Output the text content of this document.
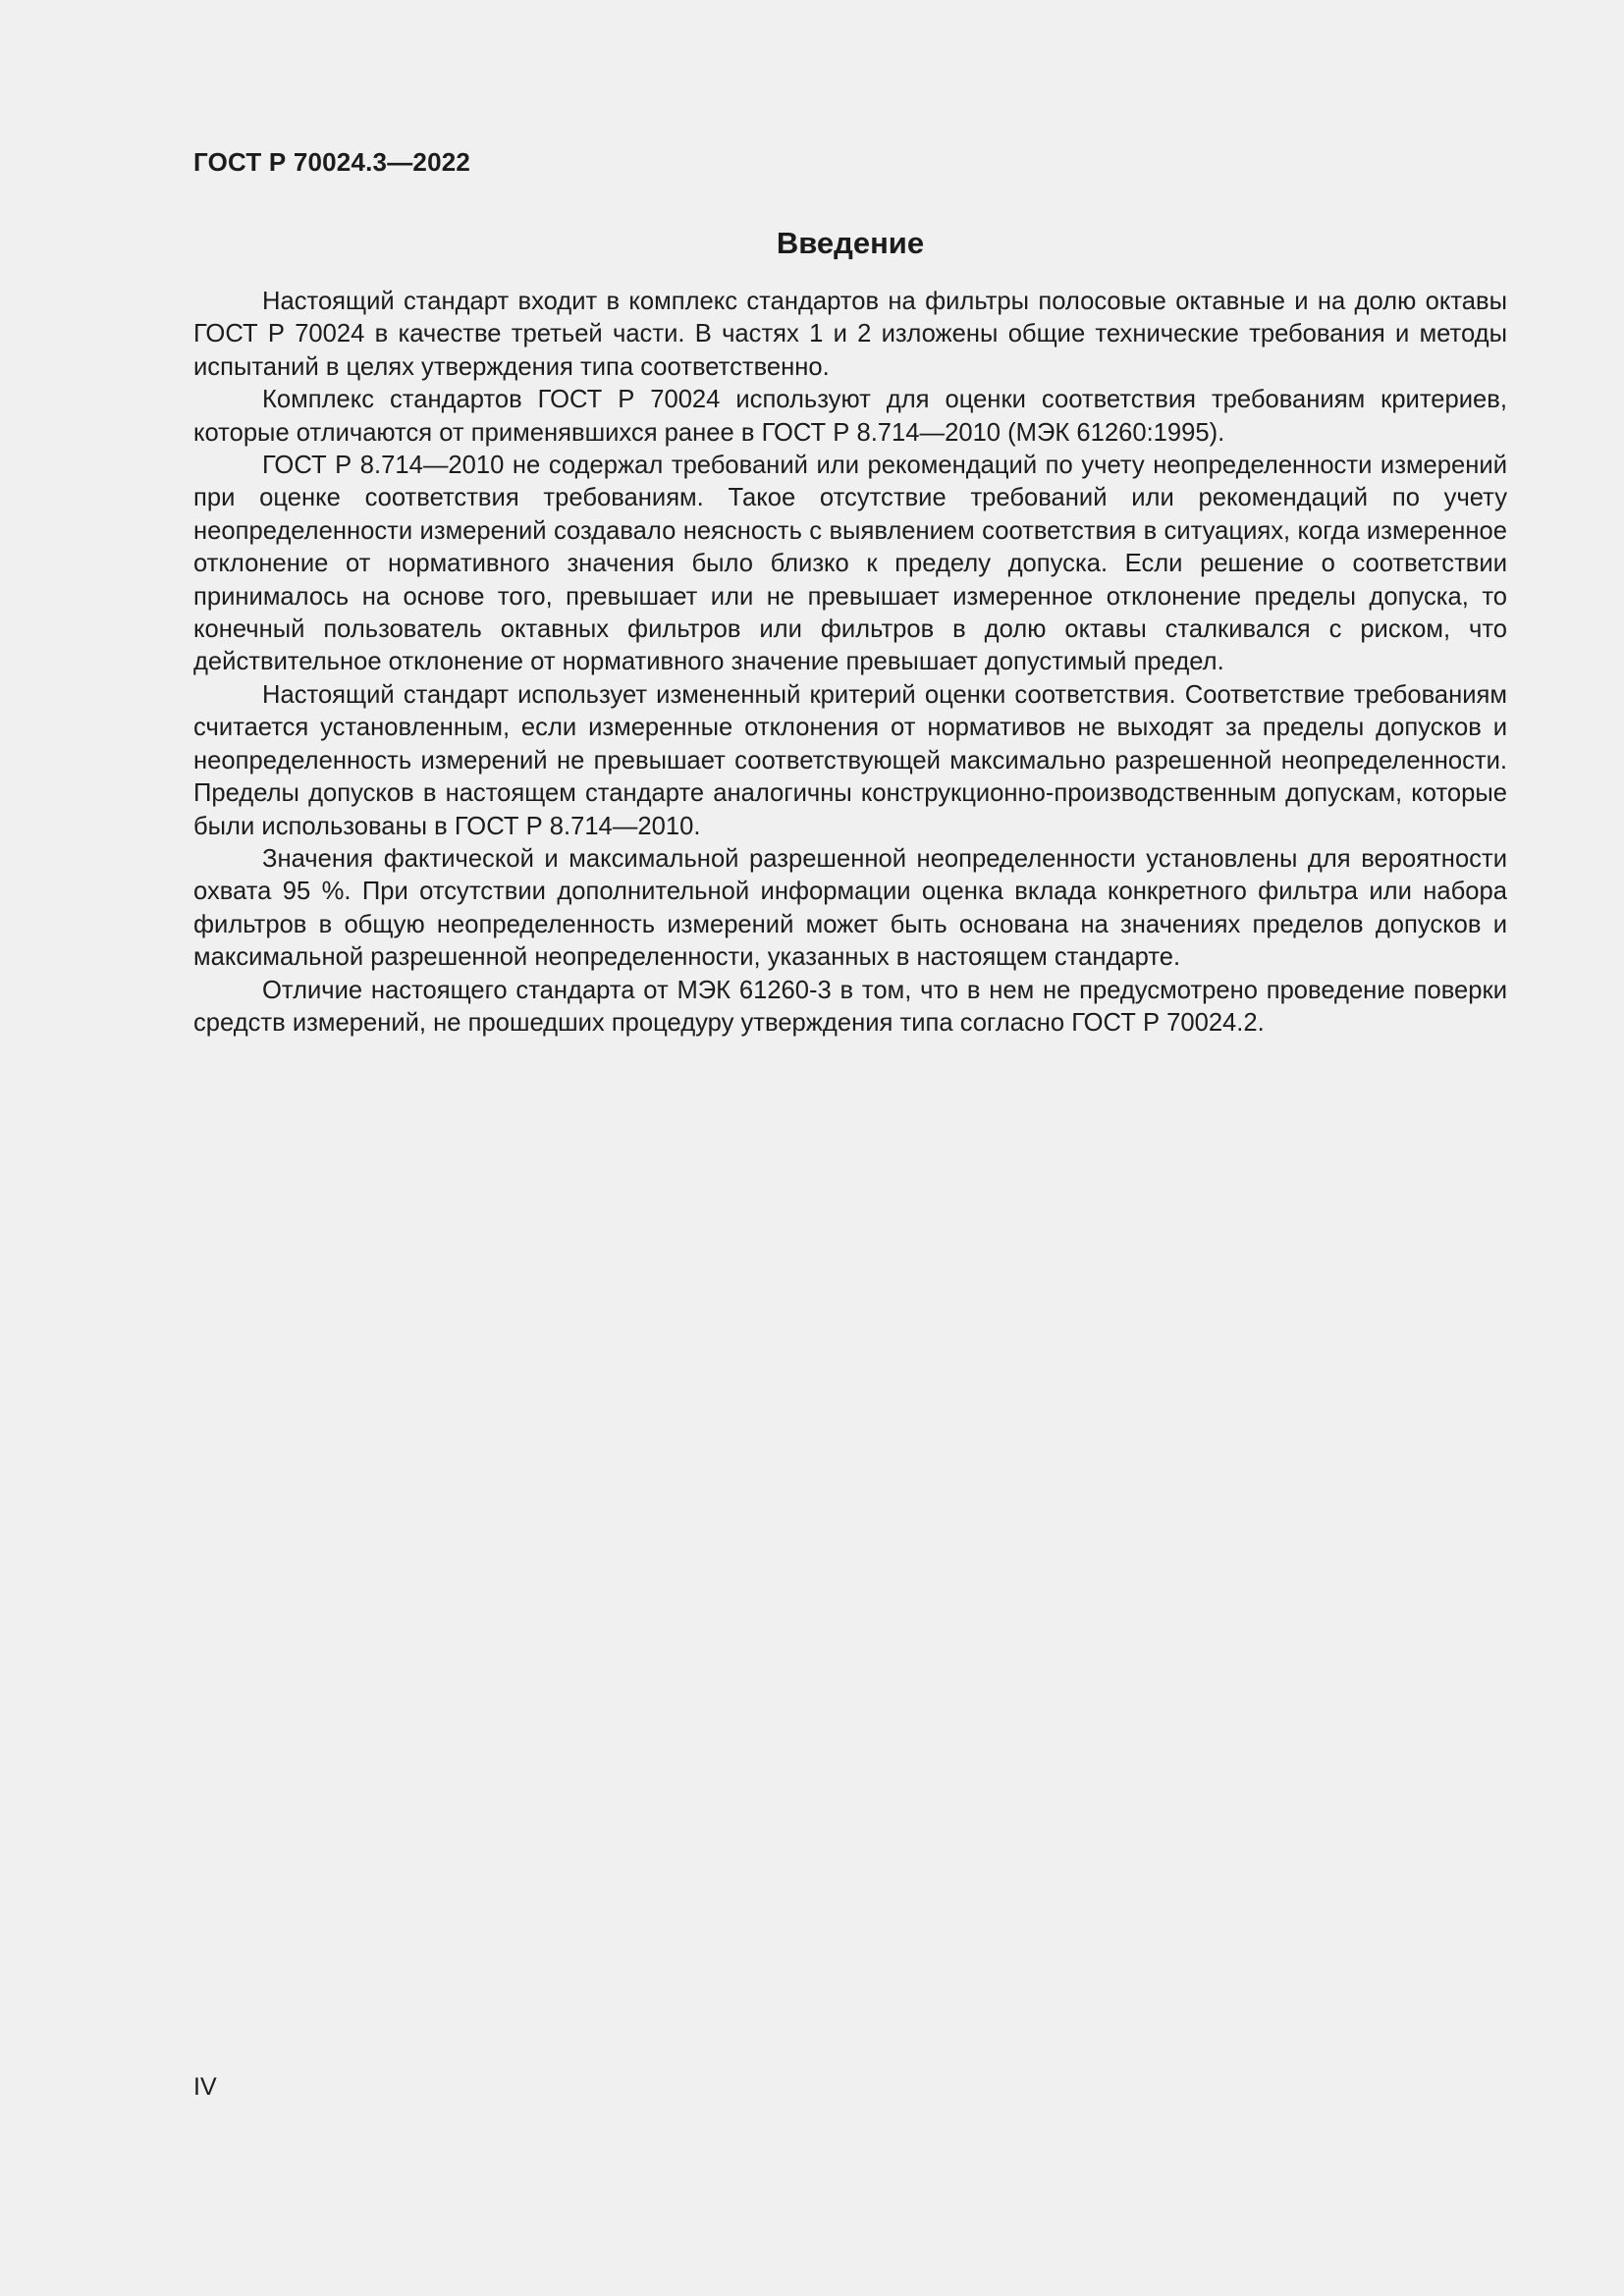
ГОСТ Р 70024.3—2022
Введение

Настоящий стандарт входит в комплекс стандартов на фильтры полосовые октавные и на долю октавы ГОСТ Р 70024 в качестве третьей части. В частях 1 и 2 изложены общие технические требования и методы испытаний в целях утверждения типа соответственно.

Комплекс стандартов ГОСТ Р 70024 используют для оценки соответствия требованиям критериев, которые отличаются от применявшихся ранее в ГОСТ Р 8.714—2010 (МЭК 61260:1995).

ГОСТ Р 8.714—2010 не содержал требований или рекомендаций по учету неопределенности измерений при оценке соответствия требованиям. Такое отсутствие требований или рекомендаций по учету неопределенности измерений создавало неясность с выявлением соответствия в ситуациях, когда измеренное отклонение от нормативного значения было близко к пределу допуска. Если решение о соответствии принималось на основе того, превышает или не превышает измеренное отклонение пределы допуска, то конечный пользователь октавных фильтров или фильтров в долю октавы сталкивался с риском, что действительное отклонение от нормативного значение превышает допустимый предел.

Настоящий стандарт использует измененный критерий оценки соответствия. Соответствие требованиям считается установленным, если измеренные отклонения от нормативов не выходят за пределы допусков и неопределенность измерений не превышает соответствующей максимально разрешенной неопределенности. Пределы допусков в настоящем стандарте аналогичны конструкционно-производственным допускам, которые были использованы в ГОСТ Р 8.714—2010.

Значения фактической и максимальной разрешенной неопределенности установлены для вероятности охвата 95 %. При отсутствии дополнительной информации оценка вклада конкретного фильтра или набора фильтров в общую неопределенность измерений может быть основана на значениях пределов допусков и максимальной разрешенной неопределенности, указанных в настоящем стандарте.

Отличие настоящего стандарта от МЭК 61260-3 в том, что в нем не предусмотрено проведение поверки средств измерений, не прошедших процедуру утверждения типа согласно ГОСТ Р 70024.2.

IV
